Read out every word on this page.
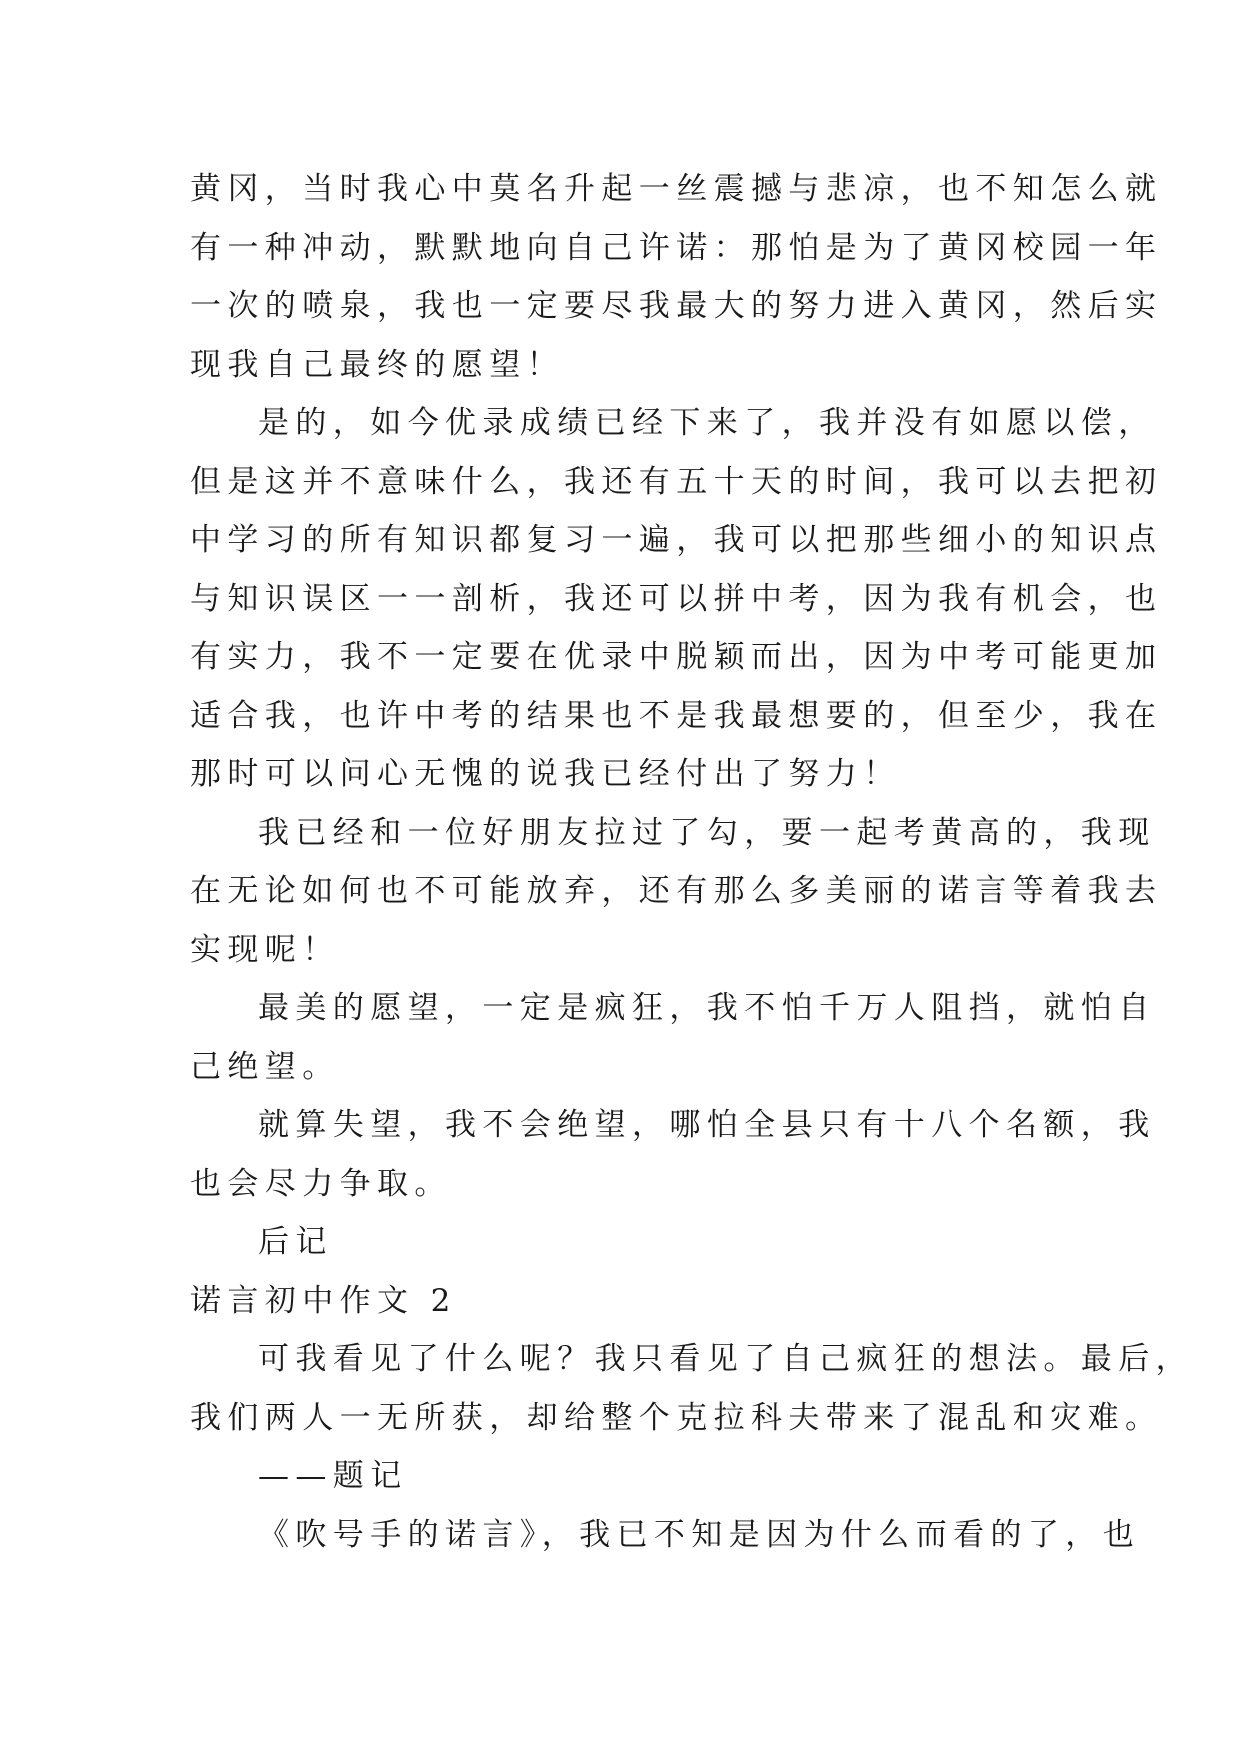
黄冈，当时我心中莫名升起一丝震撼与悲凉，也不知怎么就
有一种冲动，默默地向自己许诺：那怕是为了黄冈校园一年
一次的喷泉，我也一定要尽我最大的努力进入黄冈，然后实
现我自己最终的愿望！
是的，如今优录成绩已经下来了，我并没有如愿以偿，
但是这并不意味什么，我还有五十天的时间，我可以去把初
中学习的所有知识都复习一遍，我可以把那些细小的知识点
与知识误区一一剖析，我还可以拼中考，因为我有机会，也
有实力，我不一定要在优录中脱颖而出，因为中考可能更加
适合我，也许中考的结果也不是我最想要的，但至少，我在
那时可以问心无愧的说我已经付出了努力！
我已经和一位好朋友拉过了勾，要一起考黄高的，我现
在无论如何也不可能放弃，还有那么多美丽的诺言等着我去
实现呢！
最美的愿望，一定是疯狂，我不怕千万人阻挡，就怕自
己绝望。
就算失望，我不会绝望，哪怕全县只有十八个名额，我
也会尽力争取。
后记
诺言初中作文 2
可我看见了什么呢？我只看见了自己疯狂的想法。最后，
我们两人一无所获，却给整个克拉科夫带来了混乱和灾难。
——题记
《吹号手的诺言》，我已不知是因为什么而看的了，也
